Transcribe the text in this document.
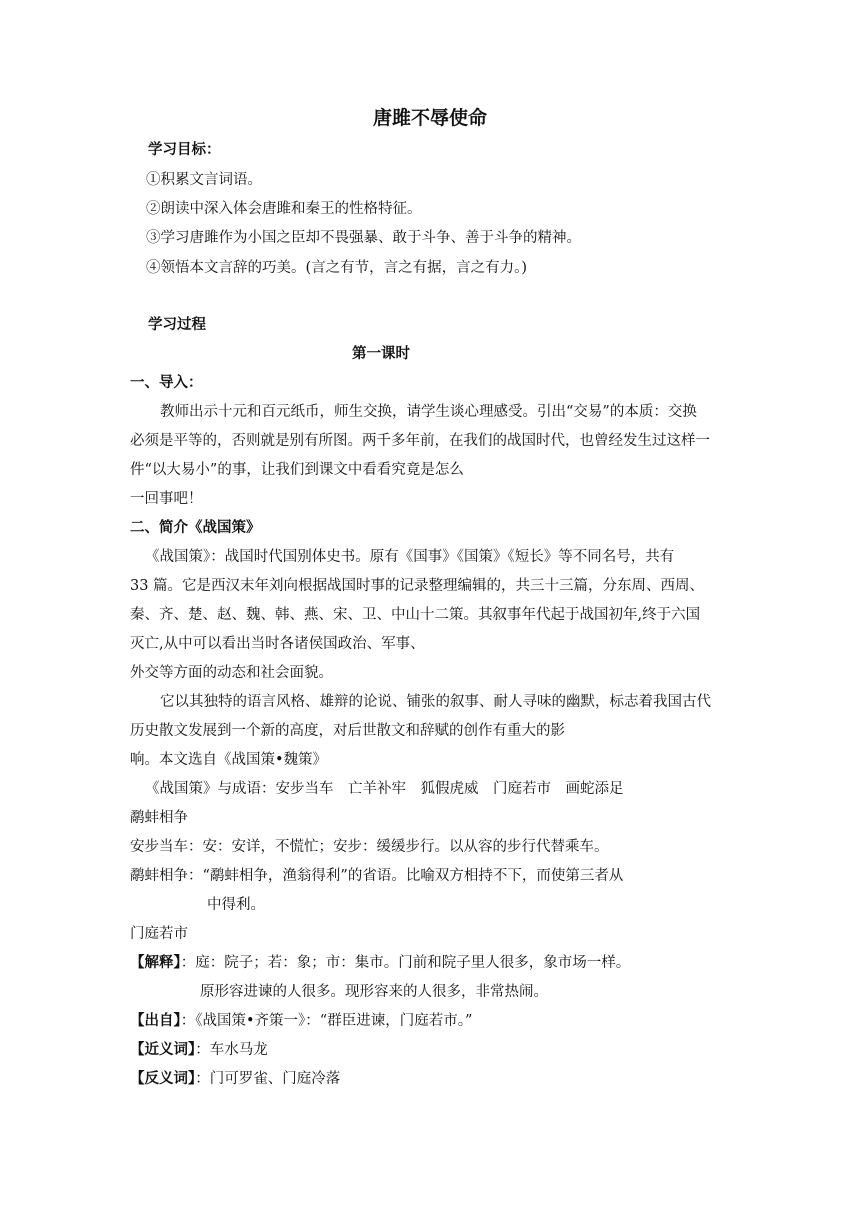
唐雎不辱使命
学习目标：
①积累文言词语。
②朗读中深入体会唐雎和秦王的性格特征。
③学习唐雎作为小国之臣却不畏强暴、敢于斗争、善于斗争的精神。
④领悟本文言辞的巧美。(言之有节，言之有据，言之有力。)
学习过程
第一课时
一、导入：
教师出示十元和百元纸币，师生交换，请学生谈心理感受。引出“交易”的本质：交换
必须是平等的，否则就是别有所图。两千多年前，在我们的战国时代，也曾经发生过这样一
件“以大易小”的事，让我们到课文中看看究竟是怎么
一回事吧！
二、简介《战国策》
《战国策》：战国时代国别体史书。原有《国事》《国策》《短长》等不同名号，共有
33 篇。它是西汉末年刘向根据战国时事的记录整理编辑的，共三十三篇，分东周、西周、
秦、齐、楚、赵、魏、韩、燕、宋、卫、中山十二策。其叙事年代起于战国初年,终于六国
灭亡,从中可以看出当时各诸侯国政治、军事、
外交等方面的动态和社会面貌。
它以其独特的语言风格、雄辩的论说、铺张的叙事、耐人寻味的幽默，标志着我国古代
历史散文发展到一个新的高度，对后世散文和辞赋的创作有重大的影
响。本文选自《战国策•魏策》
《战国策》与成语：安步当车　亡羊补牢　狐假虎威　门庭若市　画蛇添足
鹬蚌相争
安步当车：安：安详，不慌忙；安步：缓缓步行。以从容的步行代替乘车。
鹬蚌相争：“鹬蚌相争，渔翁得利”的省语。比喻双方相持不下，而使第三者从
中得利。
门庭若市
【解释】：庭：院子；若：象；市：集市。门前和院子里人很多，象市场一样。
原形容进谏的人很多。现形容来的人很多，非常热闹。
【出自】：《战国策•齐策一》：“群臣进谏，门庭若市。”
【近义词】：车水马龙
【反义词】：门可罗雀、门庭冷落
